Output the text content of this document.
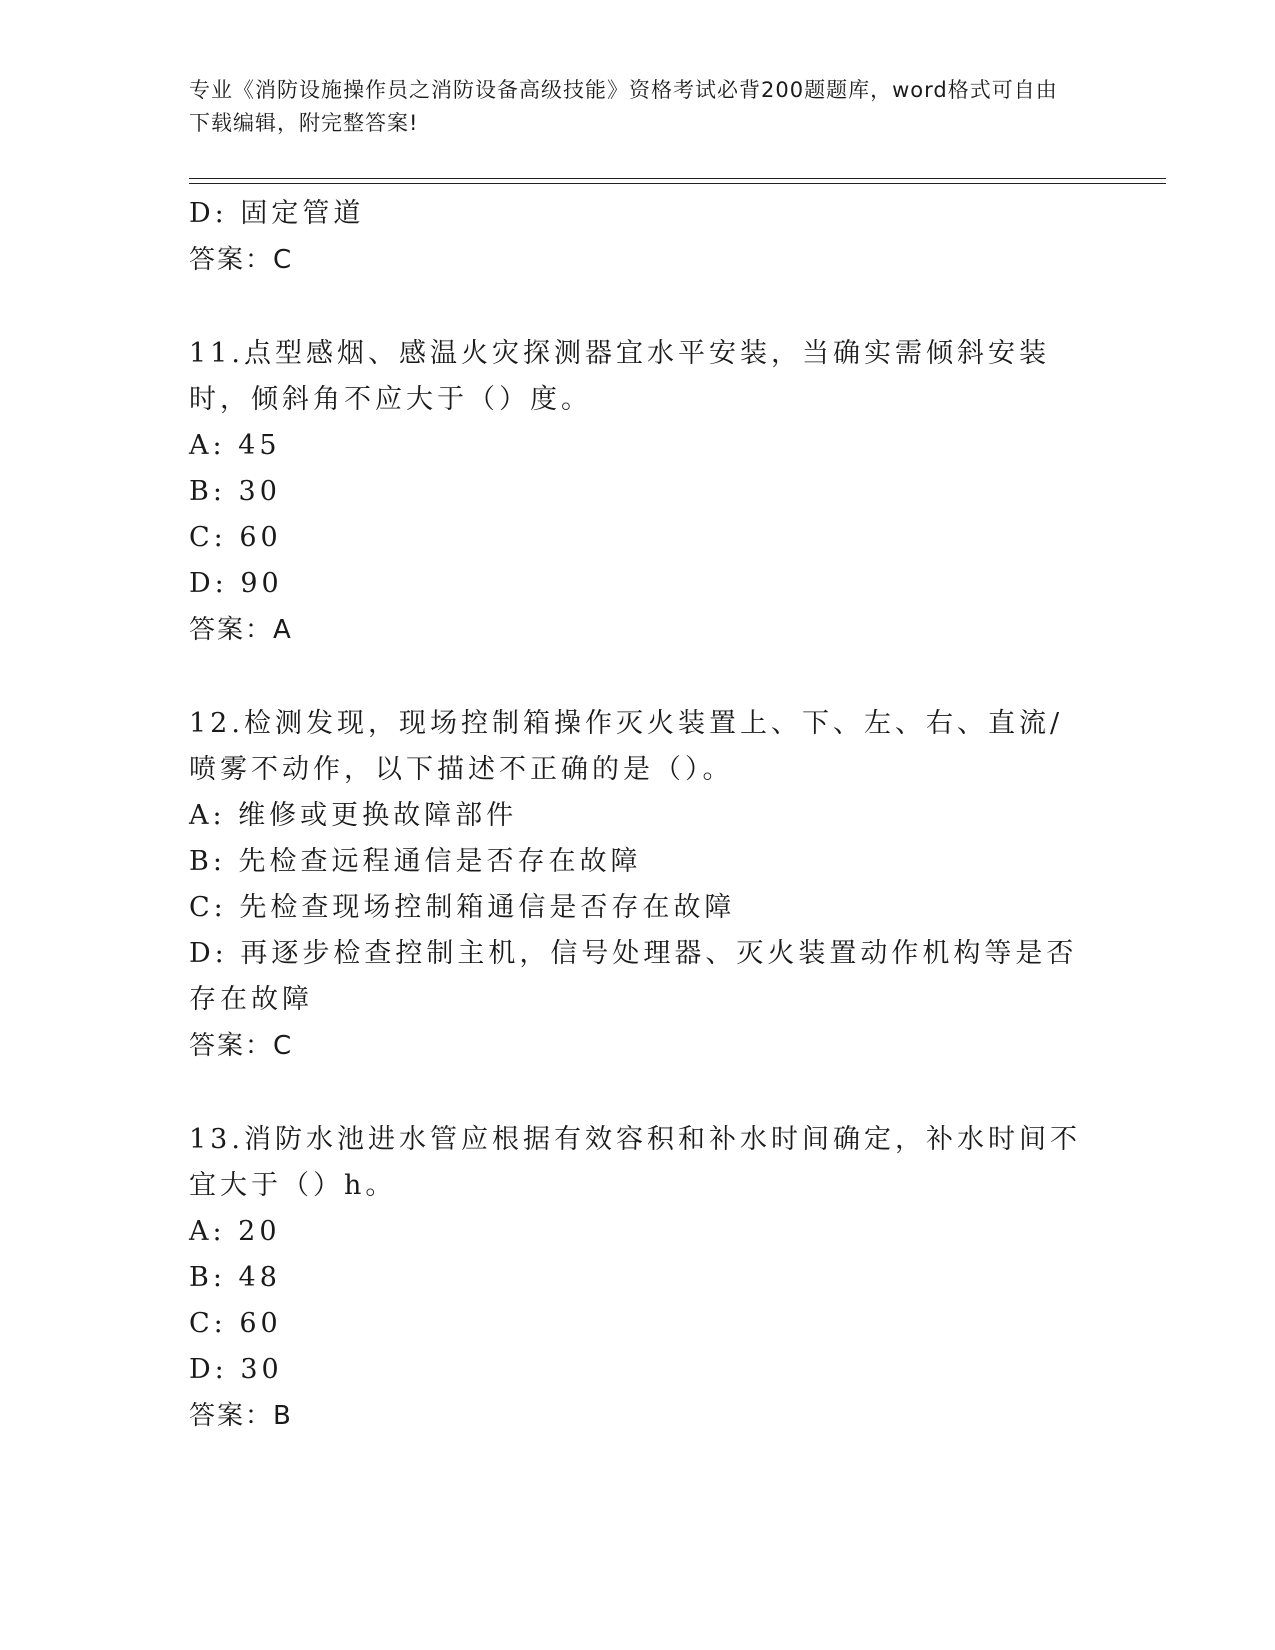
专业《消防设施操作员之消防设备高级技能》资格考试必背200题题库，word格式可自由下载编辑，附完整答案!
D: 固定管道
答案：C
11.点型感烟、感温火灾探测器宜水平安装，当确实需倾斜安装时，倾斜角不应大于（）度。
A: 45
B: 30
C: 60
D: 90
答案：A
12.检测发现，现场控制箱操作灭火装置上、下、左、右、直流/喷雾不动作，以下描述不正确的是（）。
A: 维修或更换故障部件
B: 先检查远程通信是否存在故障
C: 先检查现场控制箱通信是否存在故障
D: 再逐步检查控制主机，信号处理器、灭火装置动作机构等是否存在故障
答案：C
13.消防水池进水管应根据有效容积和补水时间确定，补水时间不宜大于（）h。
A: 20
B: 48
C: 60
D: 30
答案：B
